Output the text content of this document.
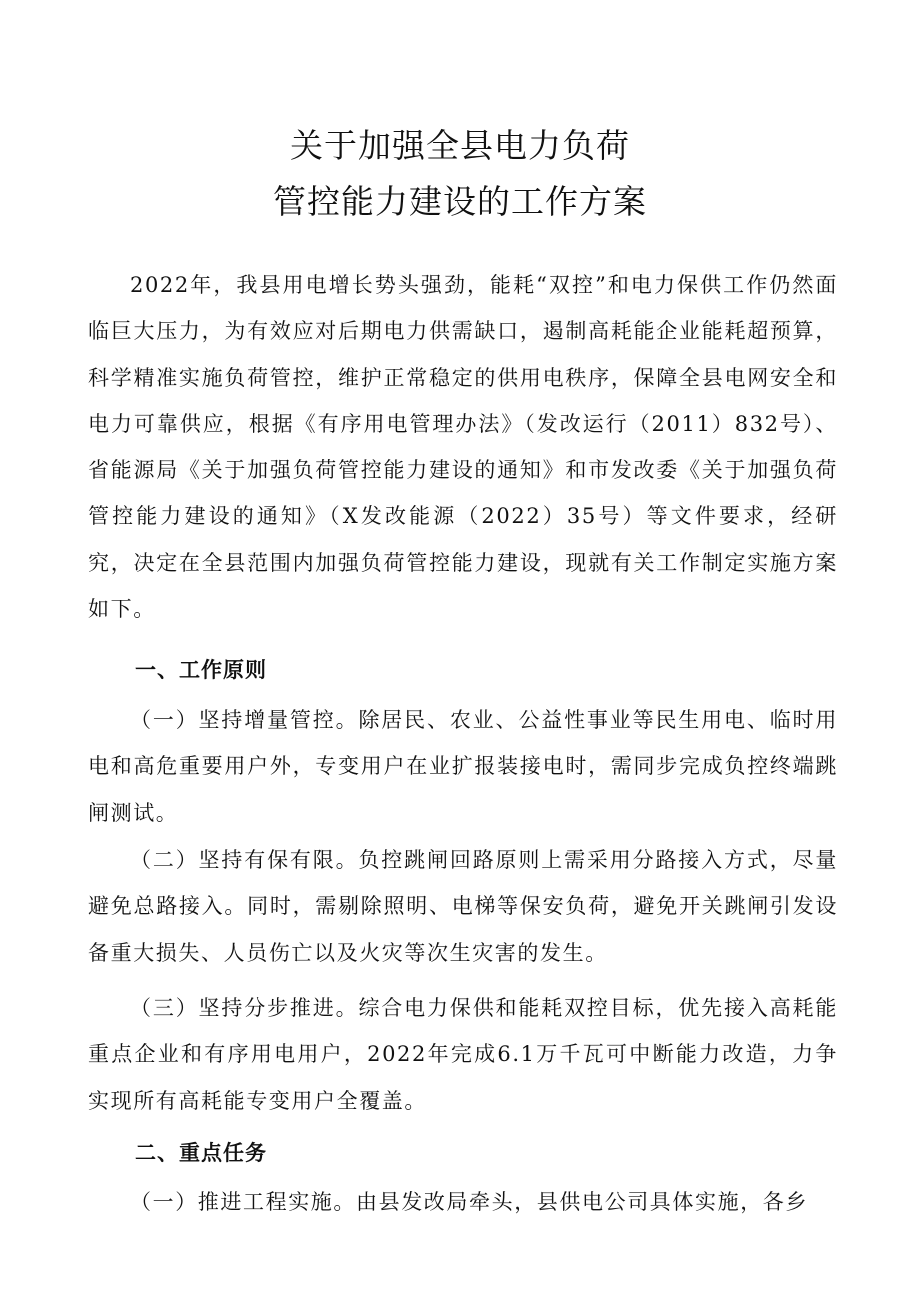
关于加强全县电力负荷
管控能力建设的工作方案
2022年，我县用电增长势头强劲，能耗“双控”和电力保供工作仍然面临巨大压力，为有效应对后期电力供需缺口，遏制高耗能企业能耗超预算，科学精准实施负荷管控，维护正常稳定的供用电秩序，保障全县电网安全和电力可靠供应，根据《有序用电管理办法》（发改运行（2011）832号）、省能源局《关于加强负荷管控能力建设的通知》和市发改委《关于加强负荷管控能力建设的通知》（X发改能源（2022）35号）等文件要求，经研究，决定在全县范围内加强负荷管控能力建设，现就有关工作制定实施方案如下。
一、工作原则
（一）坚持增量管控。除居民、农业、公益性事业等民生用电、临时用电和高危重要用户外，专变用户在业扩报装接电时，需同步完成负控终端跳闸测试。
（二）坚持有保有限。负控跳闸回路原则上需采用分路接入方式，尽量避免总路接入。同时，需剔除照明、电梯等保安负荷，避免开关跳闸引发设备重大损失、人员伤亡以及火灾等次生灾害的发生。
（三）坚持分步推进。综合电力保供和能耗双控目标，优先接入高耗能重点企业和有序用电用户，2022年完成6.1万千瓦可中断能力改造，力争实现所有高耗能专变用户全覆盖。
二、重点任务
（一）推进工程实施。由县发改局牵头，县供电公司具体实施，各乡
